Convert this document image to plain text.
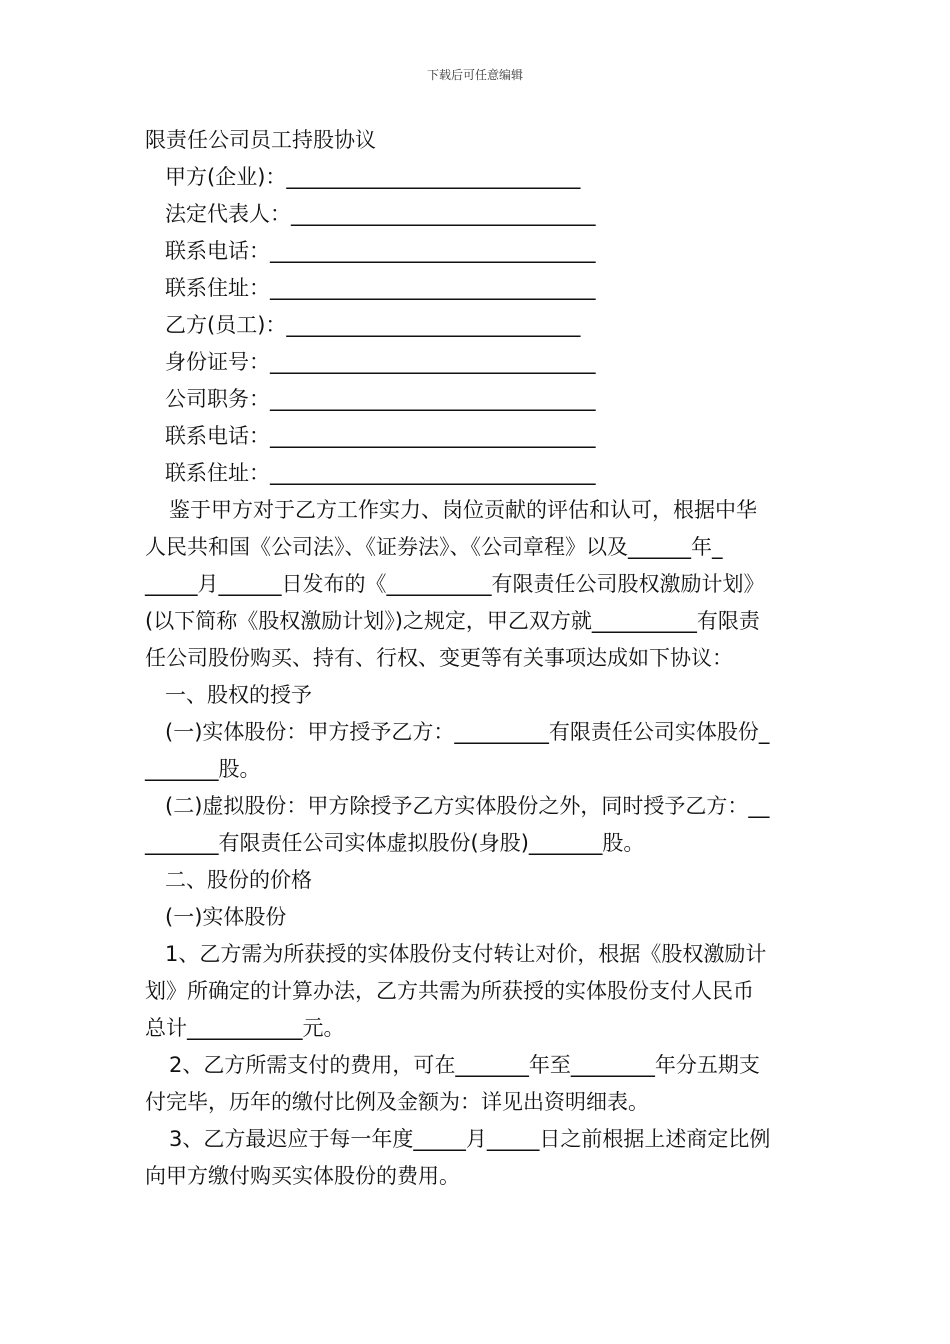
下载后可任意编辑
限责任公司员工持股协议
甲方(企业)：____________________________
法定代表人：_____________________________
联系电话：_______________________________
联系住址：_______________________________
乙方(员工)：____________________________
身份证号：_______________________________
公司职务：_______________________________
联系电话：_______________________________
联系住址：_______________________________
鉴于甲方对于乙方工作实力、岗位贡献的评估和认可，根据中华
人民共和国《公司法》、《证券法》、《公司章程》以及______年_
_____月______日发布的《__________有限责任公司股权激励计划》
(以下简称《股权激励计划》)之规定，甲乙双方就__________有限责
任公司股份购买、持有、行权、变更等有关事项达成如下协议：
一、股权的授予
(一)实体股份：甲方授予乙方：_________有限责任公司实体股份_
_______股。
(二)虚拟股份：甲方除授予乙方实体股份之外，同时授予乙方：__
_______有限责任公司实体虚拟股份(身股)_______股。
二、股份的价格
(一)实体股份
1、乙方需为所获授的实体股份支付转让对价，根据《股权激励计
划》所确定的计算办法，乙方共需为所获授的实体股份支付人民币
总计___________元。
2、乙方所需支付的费用，可在_______年至________年分五期支
付完毕，历年的缴付比例及金额为：详见出资明细表。
3、乙方最迟应于每一年度_____月_____日之前根据上述商定比例
向甲方缴付购买实体股份的费用。
